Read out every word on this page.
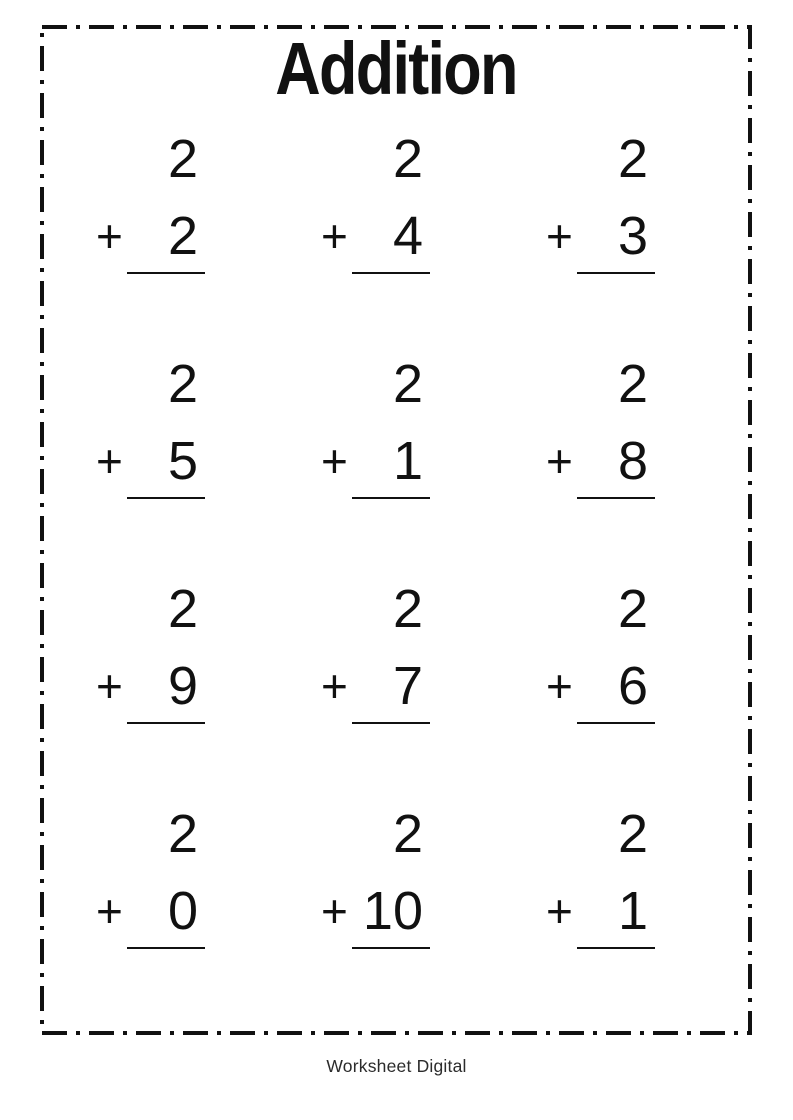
Addition
2
+ 2
2
+ 4
2
+ 3
2
+ 5
2
+ 1
2
+ 8
2
+ 9
2
+ 7
2
+ 6
2
+ 0
2
+ 10
2
+ 1
Worksheet Digital
